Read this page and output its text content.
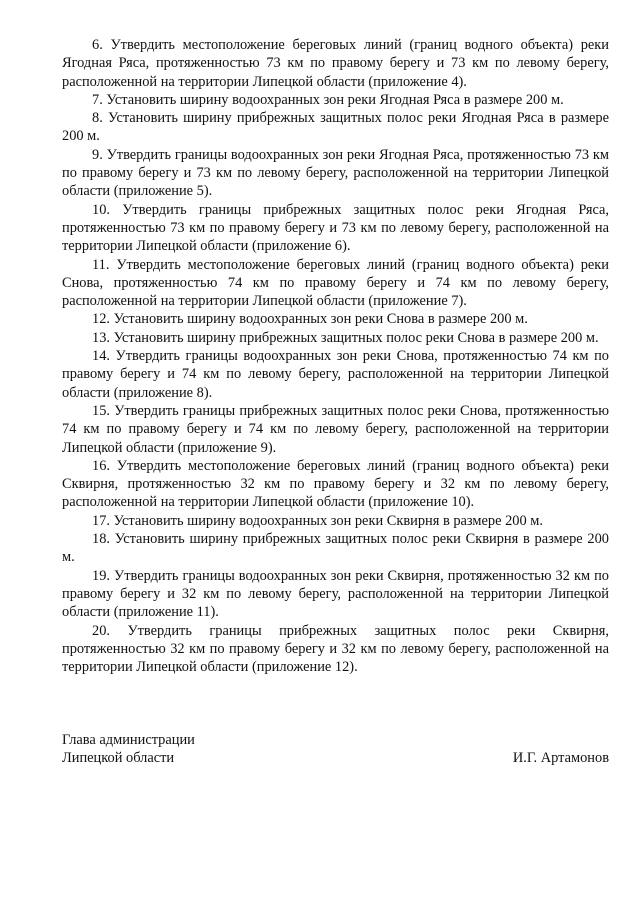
6. Утвердить местоположение береговых линий (границ водного объекта) реки Ягодная Ряса, протяженностью 73 км по правому берегу и 73 км по левому берегу, расположенной на территории Липецкой области (приложение 4).

7. Установить ширину водоохранных зон реки Ягодная Ряса в размере 200 м.

8. Установить ширину прибрежных защитных полос реки Ягодная Ряса в размере 200 м.

9. Утвердить границы водоохранных зон реки Ягодная Ряса, протяженностью 73 км по правому берегу и 73 км по левому берегу, расположенной на территории Липецкой области (приложение 5).

10. Утвердить границы прибрежных защитных полос реки Ягодная Ряса, протяженностью 73 км по правому берегу и 73 км по левому берегу, расположенной на территории Липецкой области (приложение 6).

11. Утвердить местоположение береговых линий (границ водного объекта) реки Снова, протяженностью 74 км по правому берегу и 74 км по левому берегу, расположенной на территории Липецкой области (приложение 7).

12. Установить ширину водоохранных зон реки Снова в размере 200 м.

13. Установить ширину прибрежных защитных полос реки Снова в размере 200 м.

14. Утвердить границы водоохранных зон реки Снова, протяженностью 74 км по правому берегу и 74 км по левому берегу, расположенной на территории Липецкой области (приложение 8).

15. Утвердить границы прибрежных защитных полос реки Снова, протяженностью 74 км по правому берегу и 74 км по левому берегу, расположенной на территории Липецкой области (приложение 9).

16. Утвердить местоположение береговых линий (границ водного объекта) реки Сквирня, протяженностью 32 км по правому берегу и 32 км по левому берегу, расположенной на территории Липецкой области (приложение 10).

17. Установить ширину водоохранных зон реки Сквирня в размере 200 м.

18. Установить ширину прибрежных защитных полос реки Сквирня в размере 200 м.

19. Утвердить границы водоохранных зон реки Сквирня, протяженностью 32 км по правому берегу и 32 км по левому берегу, расположенной на территории Липецкой области (приложение 11).

20. Утвердить границы прибрежных защитных полос реки Сквирня, протяженностью 32 км по правому берегу и 32 км по левому берегу, расположенной на территории Липецкой области (приложение 12).

Глава администрации
Липецкой области	И.Г. Артамонов
